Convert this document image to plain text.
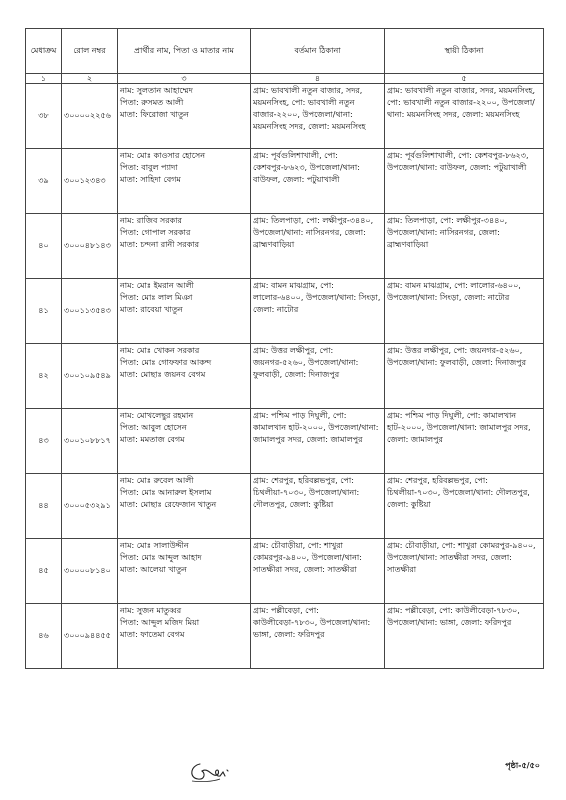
মেধাক্রম	রোল নম্বর	প্রার্থীর নাম, পিতা ও মাতার নাম	বর্তমান ঠিকানা	স্থায়ী ঠিকানা
১	২	৩	৪	৫
৩৮	৩০০০০২২৫৬	নাম: সুলতান আহাম্মেদ
পিতা: রুসমত আলী
মাতা: ফিরোজা খাতুন	গ্রাম: ভাবখালী নতুন বাজার, সদর, ময়মনসিংহ, পো: ভাবখালী নতুন বাজার-২২০০, উপজেলা/থানা: ময়মনসিংহ সদর, জেলা: ময়মনসিংহ	গ্রাম: ভাবখালী নতুন বাজার, সদর, ময়মনসিংহ, পো: ভাবখালী নতুন বাজার-২২০০, উপজেলা/থানা: ময়মনসিংহ সদর, জেলা: ময়মনসিংহ
৩৯	৩০০১২৩৪৩	নাম: মোঃ কাওসার হোসেন
পিতা: বাবুল প্যাদা
মাতা: সাহিদা বেগম	গ্রাম: পূর্বগুলিশাখালী, পো: কেশবপুর-৮৬২৩, উপজেলা/থানা: বাউফল, জেলা: পটুয়াখালী	গ্রাম: পূর্বগুলিশাখালী, পো: কেশবপুর-৮৬২৩, উপজেলা/থানা: বাউফল, জেলা: পটুয়াখালী
৪০	৩০০০৪৮১৪৩	নাম: রাজিব সরকার
পিতা: গোপাল সরকার
মাতা: চন্দনা রানী সরকার	গ্রাম: তিলপাড়া, পো: লক্ষীপুর-৩৪৪০, উপজেলা/থানা: নাসিরনগর, জেলা: ব্রাহ্মণবাড়িয়া	গ্রাম: তিলপাড়া, পো: লক্ষীপুর-৩৪৪০, উপজেলা/থানা: নাসিরনগর, জেলা: ব্রাহ্মণবাড়িয়া
৪১	৩০০১১৩৫৪৩	নাম: মোঃ ইমরান আলী
পিতা: মোঃ লাল মিঞা
মাতা: রাবেয়া খাতুন	গ্রাম: বামন মাঝগ্রাম, পো: লালোর-৬৪০০, উপজেলা/থানা: সিংড়া, জেলা: নাটোর	গ্রাম: বামন মাঝগ্রাম, পো: লালোর-৬৪০০, উপজেলা/থানা: সিংড়া, জেলা: নাটোর
৪২	৩০০১০৯৫৪৯	নাম: মোঃ খোকন সরকার
পিতা: মোঃ গোফফার আকন্দ
মাতা: মোছাঃ জয়নব বেগম	গ্রাম: উত্তর লক্ষীপুর, পো: জয়নগর-৫২৬০, উপজেলা/থানা: ফুলবাড়ী, জেলা: দিনাজপুর	গ্রাম: উত্তর লক্ষীপুর, পো: জয়নগর-৫২৬০, উপজেলা/থানা: ফুলবাড়ী, জেলা: দিনাজপুর
৪৩	৩০০১০৮৮১৭	নাম: মোখলেছুর রহমান
পিতা: আবুল হোসেন
মাতা: মমতাজ বেগম	গ্রাম: পশ্চিম পাড় দিঘুলী, পো: কামালখান হাট-২০০০, উপজেলা/থানা: জামালপুর সদর, জেলা: জামালপুর	গ্রাম: পশ্চিম পাড় দিঘুলী, পো: কামালখান হাট-২০০০, উপজেলা/থানা: জামালপুর সদর, জেলা: জামালপুর
৪৪	৩০০০৫৩২৯১	নাম: মোঃ রুবেল আলী
পিতা: মোঃ আনারুল ইসলাম
মাতা: মোছাঃ রেফেজান খাতুন	গ্রাম: শেরপুর, হরিবল্লভপুর, পো: চিথলীয়া-৭০৩০, উপজেলা/থানা: দৌলতপুর, জেলা: কুষ্টিয়া	গ্রাম: শেরপুর, হরিবল্লভপুর, পো: চিথলীয়া-৭০৩০, উপজেলা/থানা: দৌলতপুর, জেলা: কুষ্টিয়া
৪৫	৩০০০০৮১৪০	নাম: মোঃ সালাউদ্দীন
পিতা: মোঃ আব্দুল আহাদ
মাতা: আলেয়া খাতুন	গ্রাম: চৌবাড়ীয়া, পো: শাখুরা কোমরপুর-৯৪০০, উপজেলা/থানা: সাতক্ষীরা সদর, জেলা: সাতক্ষীরা	গ্রাম: চৌবাড়ীয়া, পো: শাখুরা কোমরপুর-৯৪০০, উপজেলা/থানা: সাতক্ষীরা সদর, জেলা: সাতক্ষীরা
৪৬	৩০০০৯৪৪৫৫	নাম: সুজন মাতুব্বর
পিতা: আব্দুল মজিদ মিয়া
মাতা: ফাতেমা বেগম	গ্রাম: পল্লীবেড়া, পো: কাউলীবেড়া-৭৮৩০, উপজেলা/থানা: ভাঙ্গা, জেলা: ফরিদপুর	গ্রাম: পল্লীবেড়া, পো: কাউলীবেড়া-৭৮৩০, উপজেলা/থানা: ভাঙ্গা, জেলা: ফরিদপুর
পৃষ্ঠা-৫/৫০
